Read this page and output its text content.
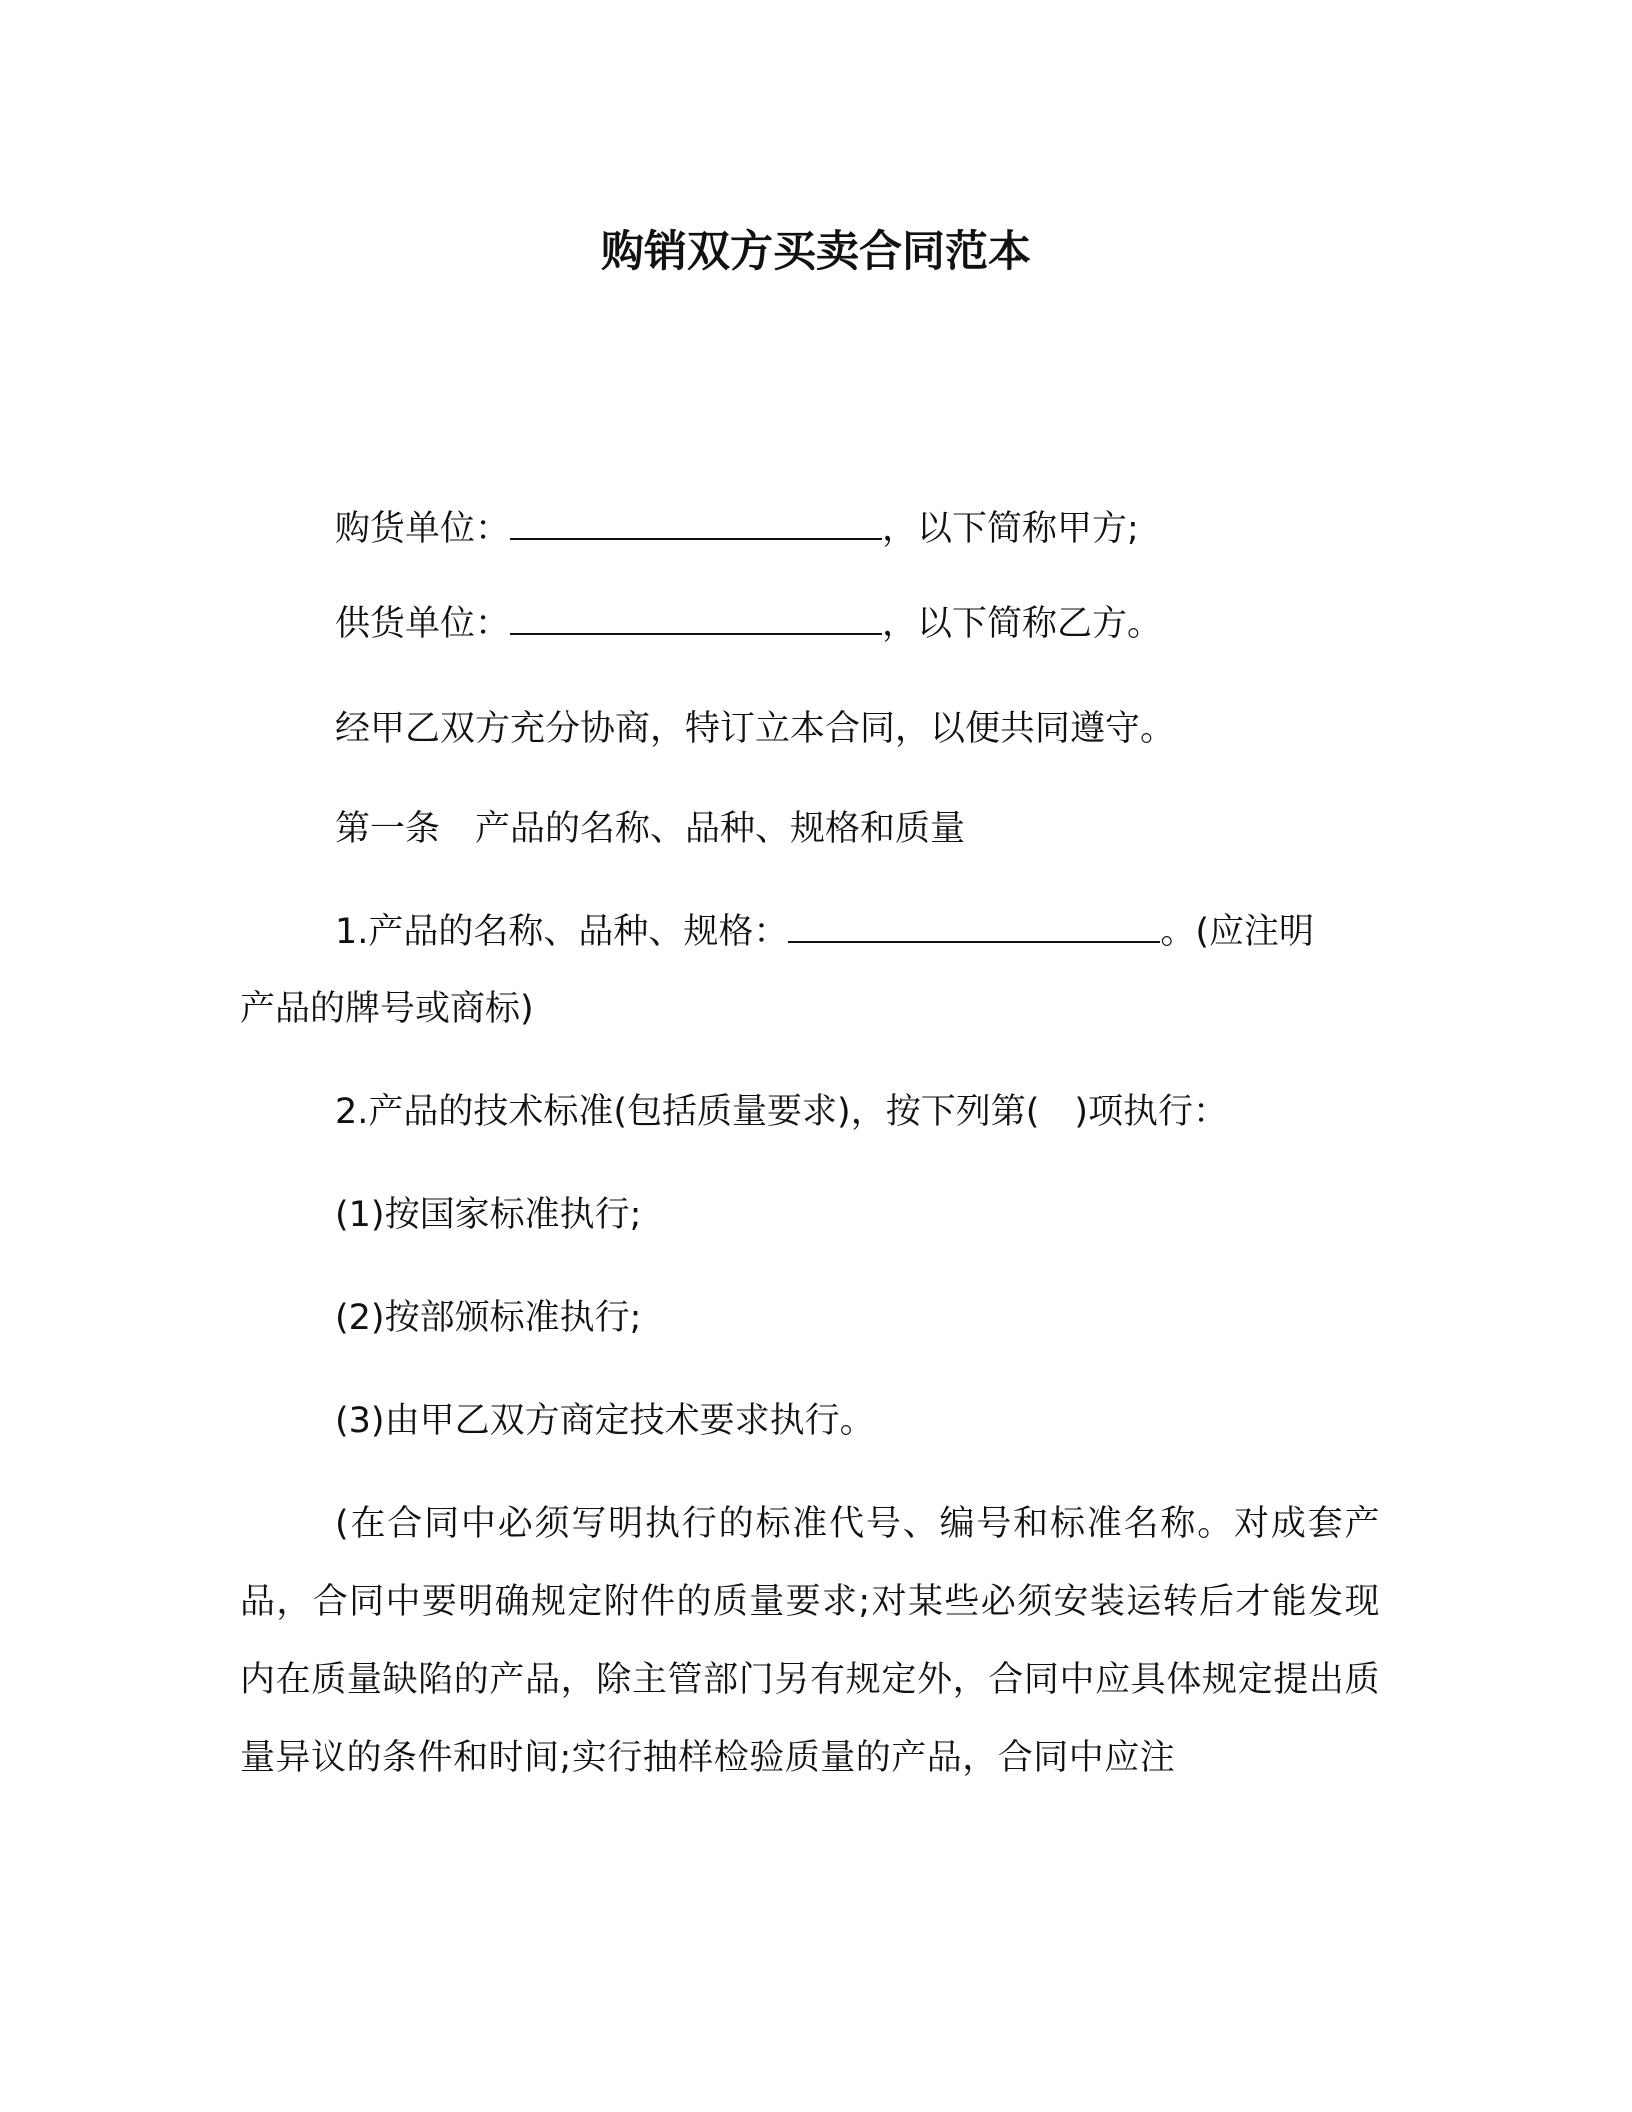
购销双方买卖合同范本

购货单位：	，以下简称甲方;

供货单位：	，以下简称乙方。

经甲乙双方充分协商，特订立本合同，以便共同遵守。

第一条　产品的名称、品种、规格和质量

1.产品的名称、品种、规格：	。(应注明

产品的牌号或商标)

2.产品的技术标准(包括质量要求)，按下列第(　)项执行：

(1)按国家标准执行;

(2)按部颁标准执行;

(3)由甲乙双方商定技术要求执行。

(在合同中必须写明执行的标准代号、编号和标准名称。对成套产品，合同中要明确规定附件的质量要求;对某些必须安装运转后才能发现内在质量缺陷的产品，除主管部门另有规定外，合同中应具体规定提出质量异议的条件和时间;实行抽样检验质量的产品，合同中应注
